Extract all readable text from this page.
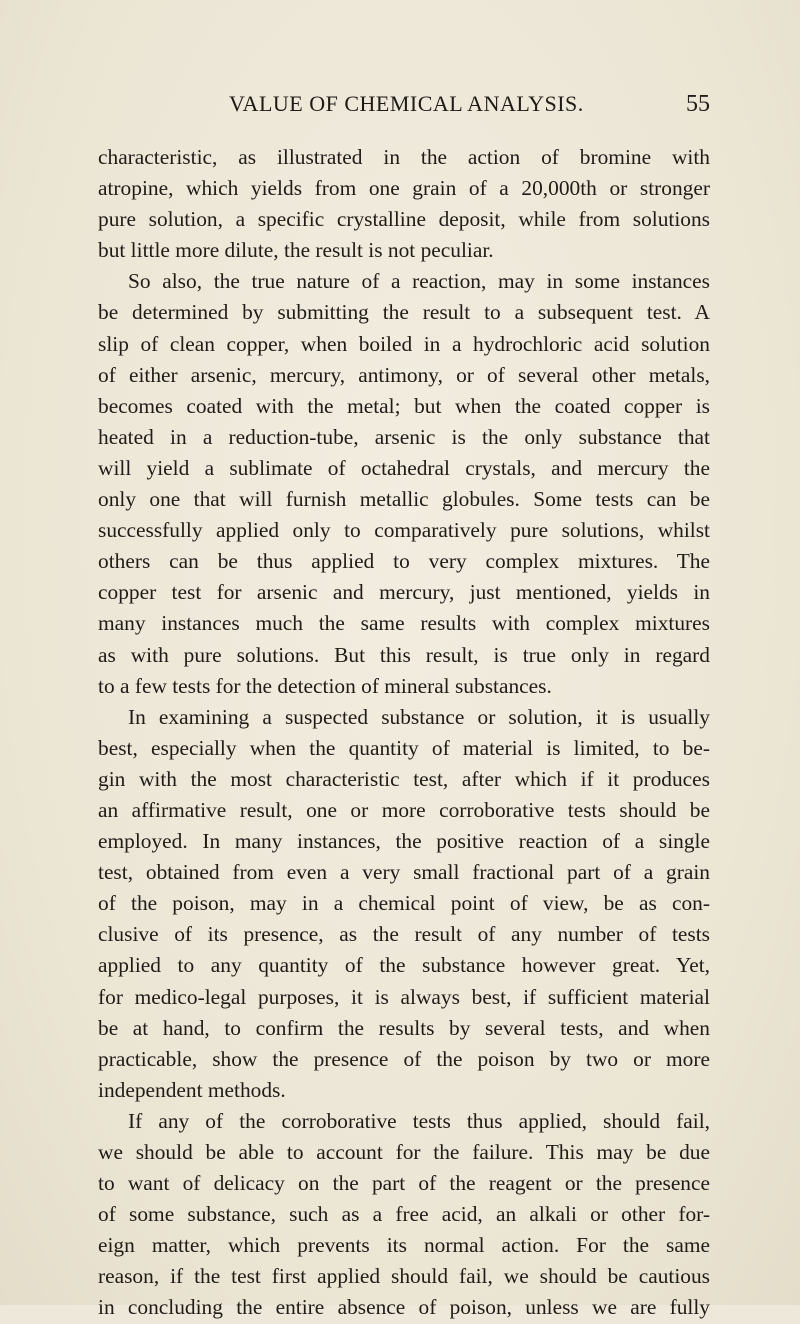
VALUE OF CHEMICAL ANALYSIS.	55
characteristic, as illustrated in the action of bromine with
atropine, which yields from one grain of a 20,000th or stronger
pure solution, a specific crystalline deposit, while from solutions
but little more dilute, the result is not peculiar.
So also, the true nature of a reaction, may in some instances
be determined by submitting the result to a subsequent test. A
slip of clean copper, when boiled in a hydrochloric acid solution
of either arsenic, mercury, antimony, or of several other metals,
becomes coated with the metal; but when the coated copper is
heated in a reduction-tube, arsenic is the only substance that
will yield a sublimate of octahedral crystals, and mercury the
only one that will furnish metallic globules. Some tests can be
successfully applied only to comparatively pure solutions, whilst
others can be thus applied to very complex mixtures. The
copper test for arsenic and mercury, just mentioned, yields in
many instances much the same results with complex mixtures
as with pure solutions. But this result, is true only in regard
to a few tests for the detection of mineral substances.
In examining a suspected substance or solution, it is usually
best, especially when the quantity of material is limited, to be-
gin with the most characteristic test, after which if it produces
an affirmative result, one or more corroborative tests should be
employed. In many instances, the positive reaction of a single
test, obtained from even a very small fractional part of a grain
of the poison, may in a chemical point of view, be as con-
clusive of its presence, as the result of any number of tests
applied to any quantity of the substance however great. Yet,
for medico-legal purposes, it is always best, if sufficient material
be at hand, to confirm the results by several tests, and when
practicable, show the presence of the poison by two or more
independent methods.
If any of the corroborative tests thus applied, should fail,
we should be able to account for the failure. This may be due
to want of delicacy on the part of the reagent or the presence
of some substance, such as a free acid, an alkali or other for-
eign matter, which prevents its normal action. For the same
reason, if the test first applied should fail, we should be cautious
in concluding the entire absence of poison, unless we are fully
